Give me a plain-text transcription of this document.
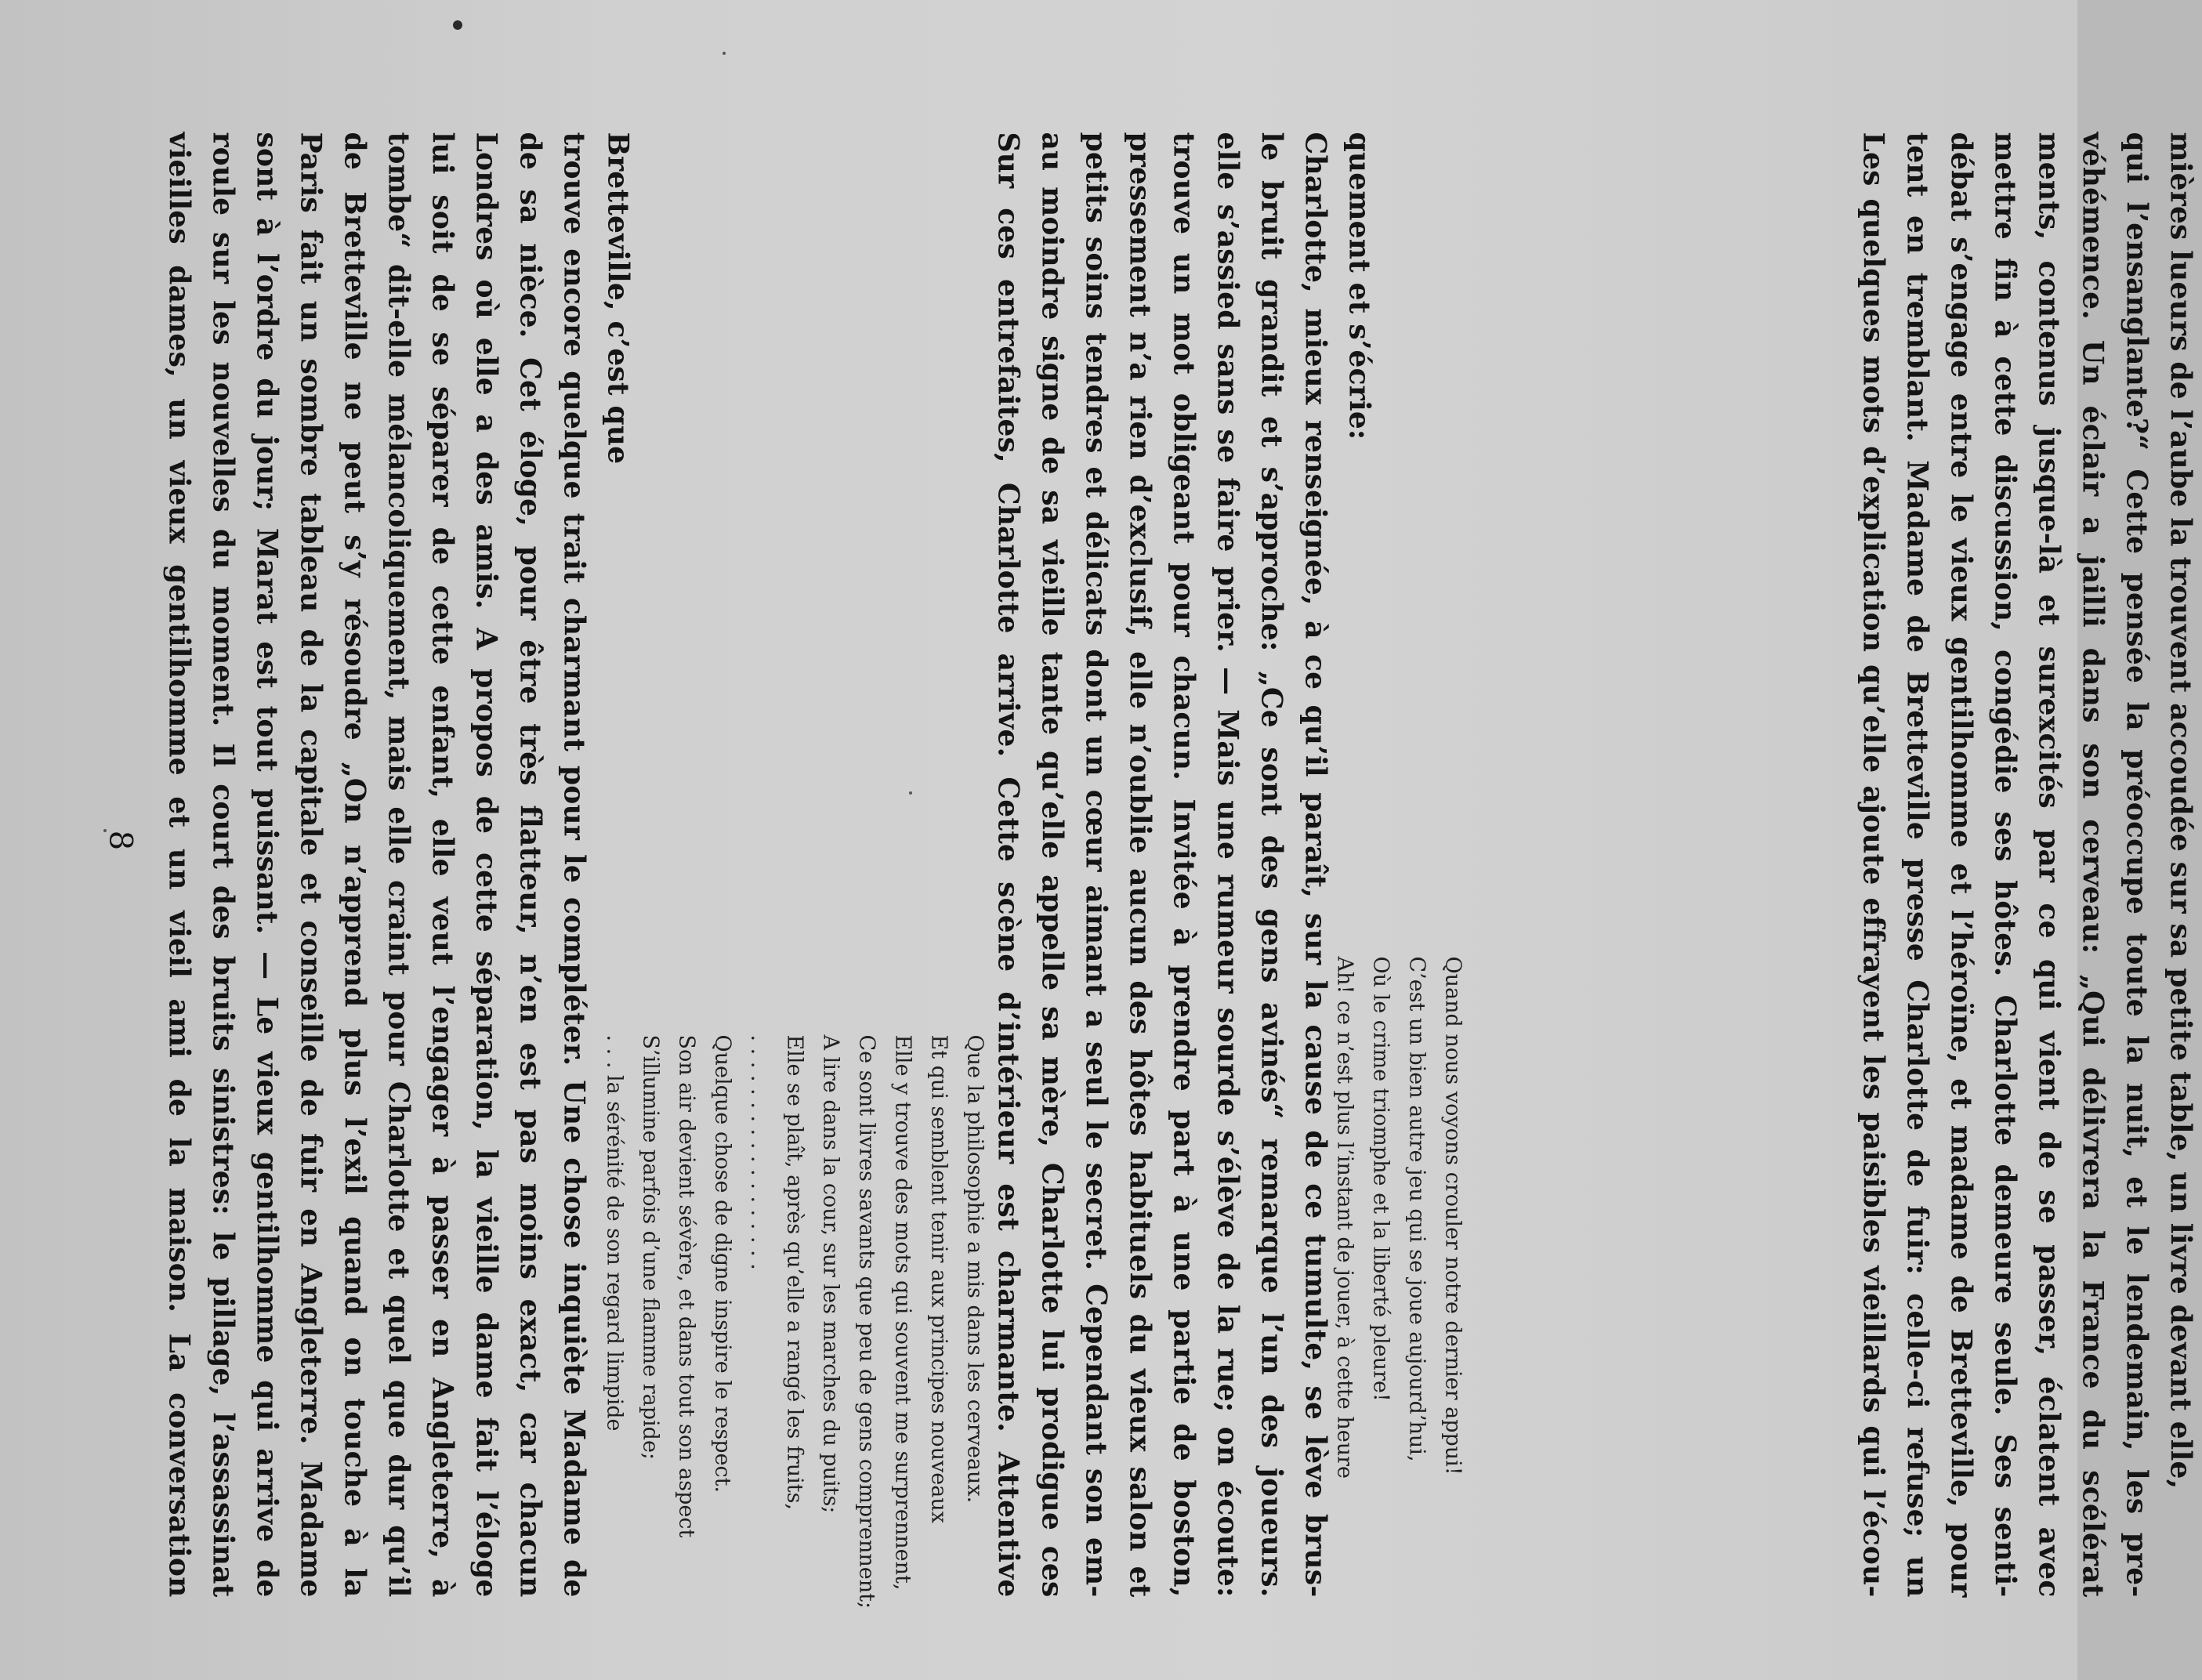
8
Bretteville, c’est que
trouve encore quelque trait charmant pour le compléter. Une chose inquiète Madame de
de sa nièce. Cet éloge, pour être très flatteur, n’en est pas moins exact, car chacun
Londres où elle a des amis. A propos de cette séparation, la vieille dame fait l’éloge
lui soit de se séparer de cette enfant, elle veut l’engager à passer en Angleterre, à
tombe“ dit-elle mélancoliquement, mais elle craint pour Charlotte et quel que dur qu’il
de Bretteville ne peut s’y résoudre „On n’apprend plus l’exil quand on touche à la
Paris fait un sombre tableau de la capitale et conseille de fuir en Angleterre. Madame
sont à l’ordre du jour; Marat est tout puissant. — Le vieux gentilhomme qui arrive de
roule sur les nouvelles du moment. Il court des bruits sinistres: le pillage, l’assassinat
vieilles dames, un vieux gentilhomme et un vieil ami de la maison. La conversation	Que la philosophie a mis dans les cerveaux.
Et qui semblent tenir aux principes nouveaux
Elle y trouve des mots qui souvent me surprennent,
Ce sont livres savants que peu de gens comprennent;
A lire dans la cour, sur les marches du puits;
Elle se plaît, après qu’elle a rangé les fruits,
. . . . . . . . . . . . . . . . . .
Quelque chose de digne inspire le respect.
Son air devient sévère, et dans tout son aspect
S’illumine parfois d’une flamme rapide;
. . . la sérénité de son regard limpide
quement et s’écrie:
Charlotte, mieux renseignée, à ce qu’il paraît, sur la cause de ce tumulte, se lève brus-
le bruit grandit et s’approche: „Ce sont des gens avinés“ remarque l’un des joueurs.
elle s’assied sans se faire prier. — Mais une rumeur sourde s’élève de la rue; on écoute:
trouve un mot obligeant pour chacun. Invitée à prendre part à une partie de boston,
pressement n’a rien d’exclusif, elle n’oublie aucun des hôtes habituels du vieux salon et
petits soins tendres et délicats dont un cœur aimant a seul le secret. Cependant son em-
au moindre signe de sa vieille tante qu’elle appelle sa mère, Charlotte lui prodigue ces
Sur ces entrefaites, Charlotte arrive. Cette scène d’intérieur est charmante. Attentive	Quand nous voyons crouler notre dernier appui!
C’est un bien autre jeu qui se joue aujourd’hui,
Où le crime triomphe et la liberté pleure!
Ah! ce n’est plus l’instant de jouer, à cette heure	mières lueurs de l’aube la trouvent accoudée sur sa petite table, un livre devant elle,
qui l’ensanglante?“ Cette pensée la préoccupe toute la nuit, et le lendemain, les pre-
véhémence. Un éclair a jailli dans son cerveau: „Qui délivrera la France du scélérat
ments, contenus jusque-là et surexcités par ce qui vient de se passer, éclatent avec
mettre fin à cette discussion, congédie ses hôtes. Charlotte demeure seule. Ses senti-
débat s’engage entre le vieux gentilhomme et l’héroïne, et madame de Bretteville, pour
tent en tremblant. Madame de Bretteville presse Charlotte de fuir: celle-ci refuse; un
Les quelques mots d’explication qu’elle ajoute effrayent les paisibles vieillards qui l’écou-
